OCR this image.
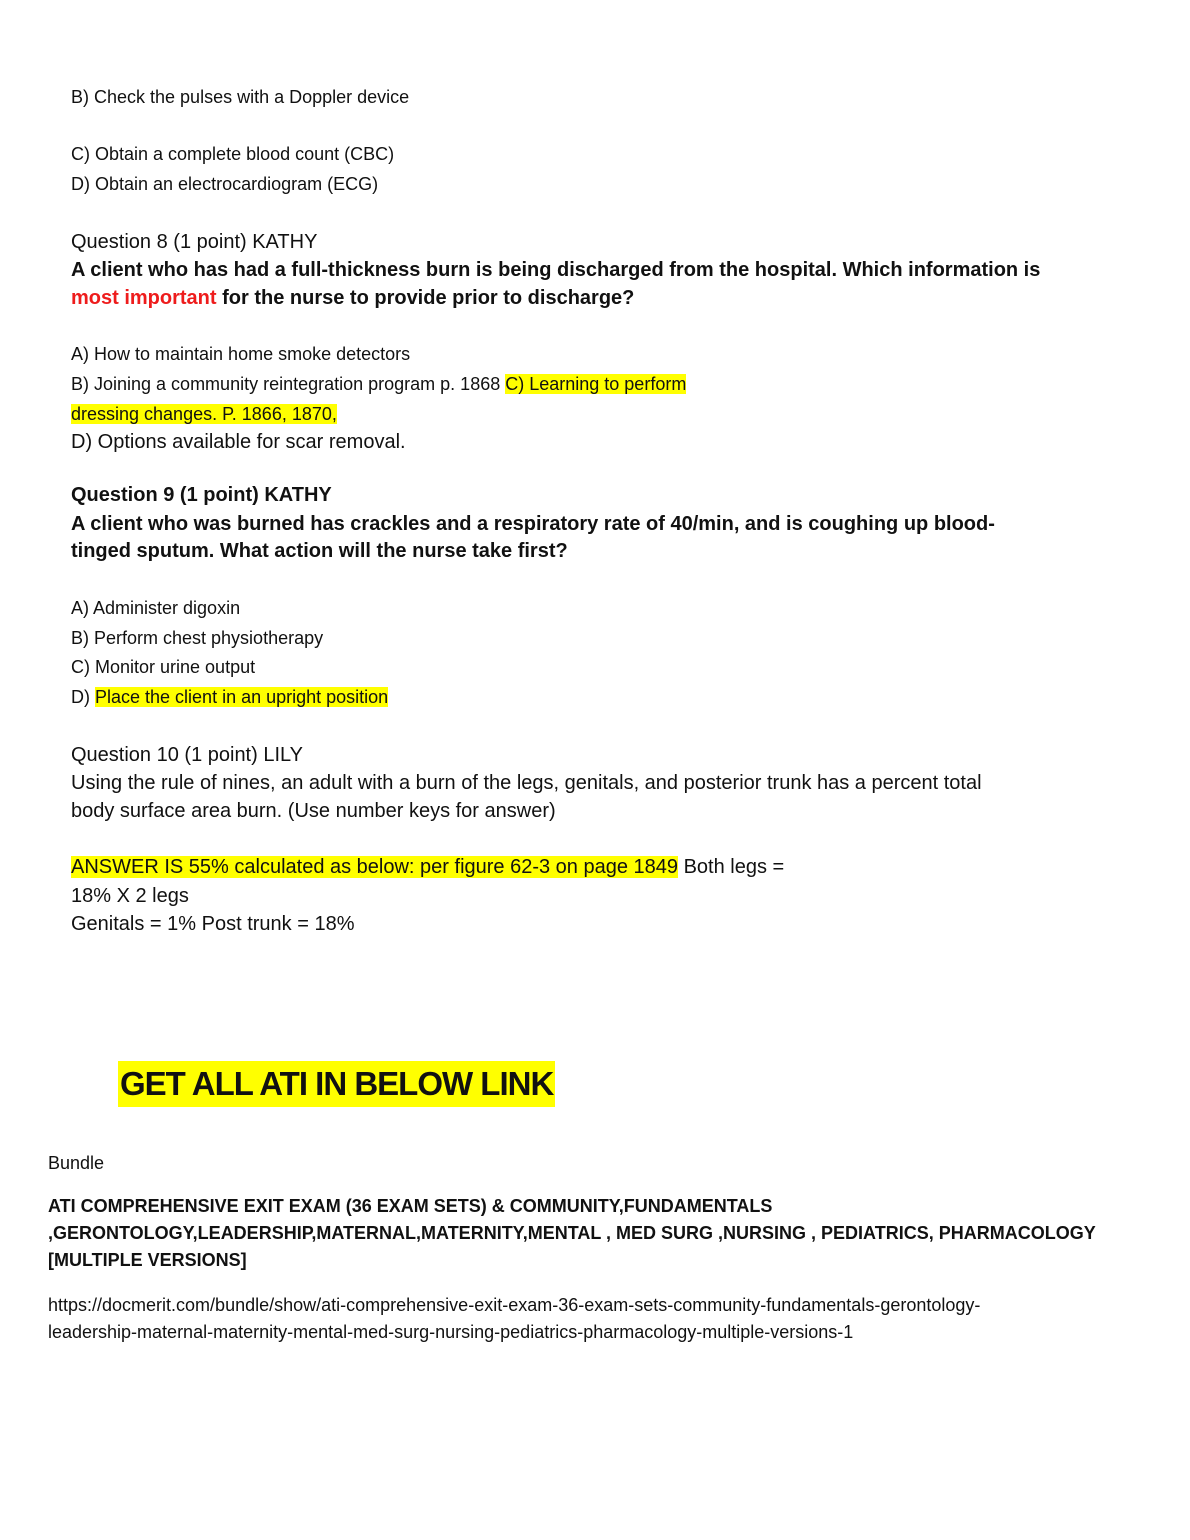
B) Check the pulses with a Doppler device
C) Obtain a complete blood count (CBC)
D) Obtain an electrocardiogram (ECG)
Question 8 (1 point) KATHY
A client who has had a full-thickness burn is being discharged from the hospital. Which information is
most important for the nurse to provide prior to discharge?
A) How to maintain home smoke detectors
B) Joining a community reintegration program p. 1868 C) Learning to perform
dressing changes. P. 1866, 1870,
D) Options available for scar removal.
Question 9 (1 point) KATHY
A client who was burned has crackles and a respiratory rate of 40/min, and is coughing up blood-
tinged sputum. What action will the nurse take first?
A) Administer digoxin
B) Perform chest physiotherapy
C) Monitor urine output
D) Place the client in an upright position
Question 10 (1 point) LILY
Using the rule of nines, an adult with a burn of the legs, genitals, and posterior trunk has a percent total
body surface area burn. (Use number keys for answer)
ANSWER IS 55% calculated as below: per figure 62-3 on page 1849 Both legs =
18% X 2 legs
Genitals = 1% Post trunk = 18%
GET ALL ATI IN BELOW LINK
Bundle
ATI COMPREHENSIVE EXIT EXAM (36 EXAM SETS) & COMMUNITY,FUNDAMENTALS
,GERONTOLOGY,LEADERSHIP,MATERNAL,MATERNITY,MENTAL , MED SURG ,NURSING , PEDIATRICS, PHARMACOLOGY
[MULTIPLE VERSIONS]
https://docmerit.com/bundle/show/ati-comprehensive-exit-exam-36-exam-sets-community-fundamentals-gerontology-
leadership-maternal-maternity-mental-med-surg-nursing-pediatrics-pharmacology-multiple-versions-1
